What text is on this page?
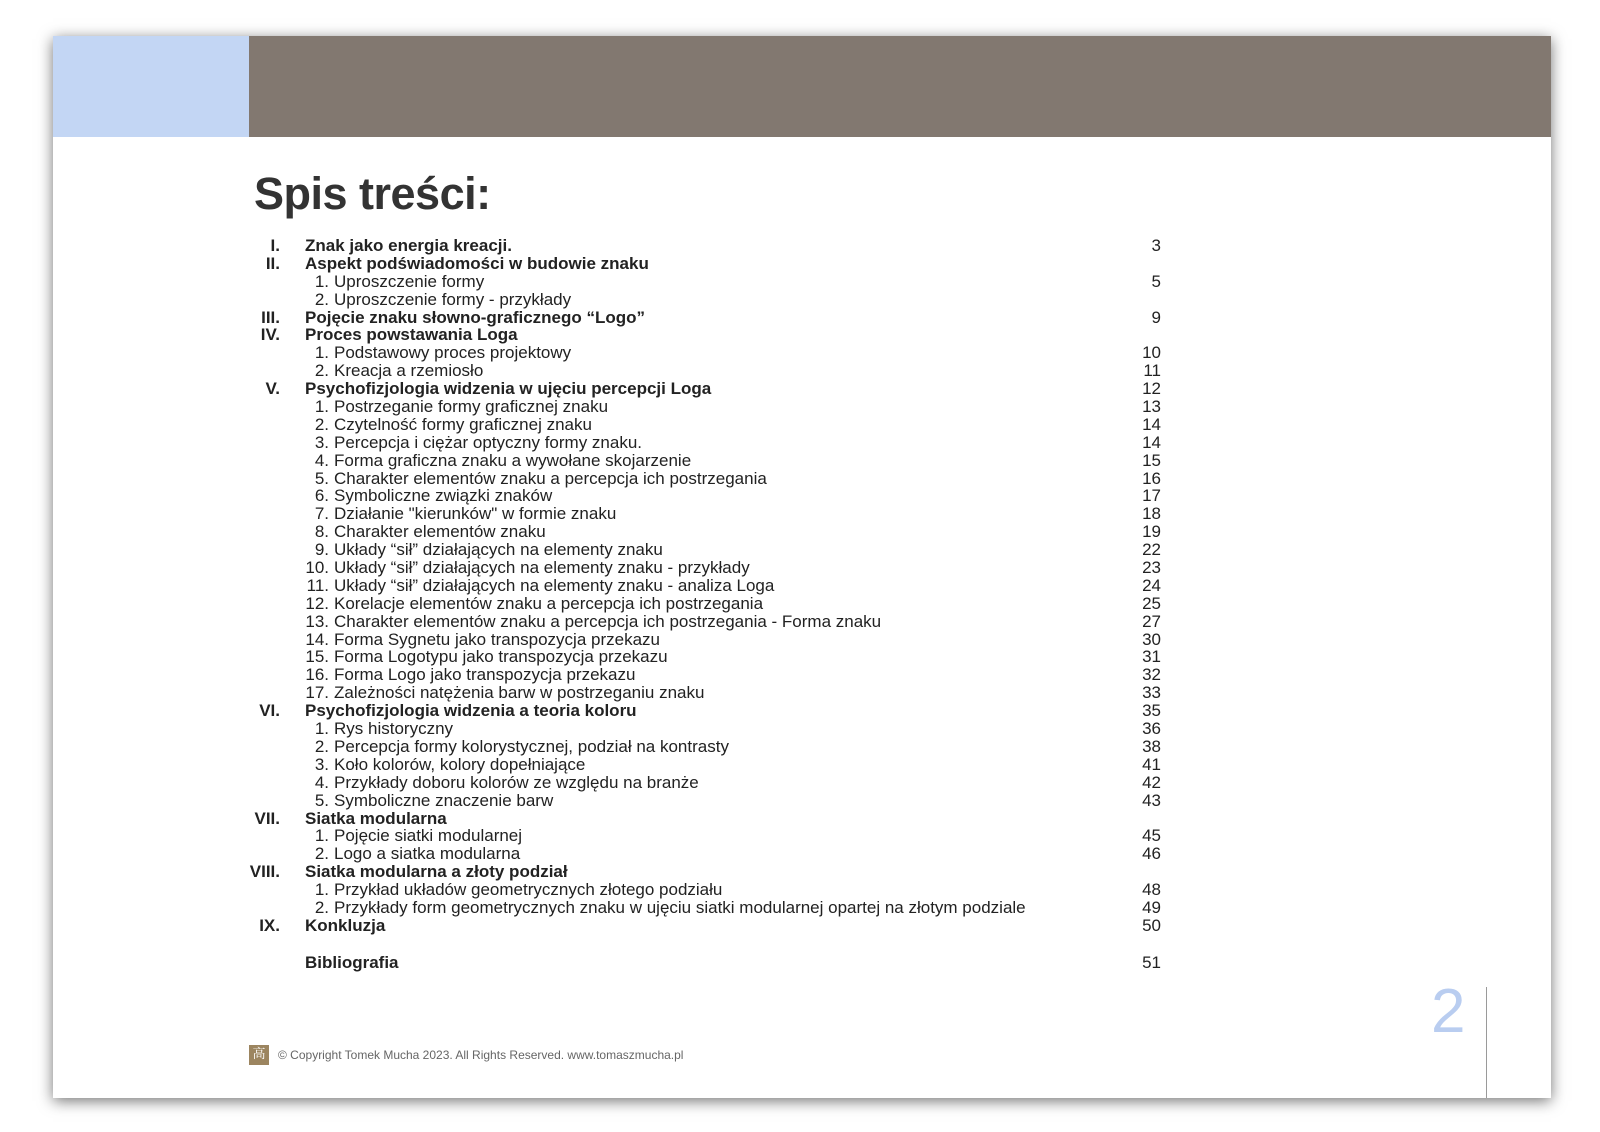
Spis treści:
I. Znak jako energia kreacji.	3
II. Aspekt podświadomości w budowie znaku
1. Uproszczenie formy	5
2. Uproszczenie formy - przykłady
III. Pojęcie znaku słowno-graficznego “Logo”	9
IV. Proces powstawania Loga
1. Podstawowy proces projektowy	10
2. Kreacja a rzemiosło	11
V. Psychofizjologia widzenia w ujęciu percepcji Loga	12
1. Postrzeganie formy graficznej znaku	13
2. Czytelność formy graficznej znaku	14
3. Percepcja i ciężar optyczny formy znaku.	14
4. Forma graficzna znaku a wywołane skojarzenie	15
5. Charakter elementów znaku a percepcja ich postrzegania	16
6. Symboliczne związki znaków	17
7. Działanie "kierunków" w formie znaku	18
8. Charakter elementów znaku	19
9. Układy “sił” działających na elementy znaku	22
10. Układy “sił” działających na elementy znaku - przykłady	23
11. Układy “sił” działających na elementy znaku - analiza Loga	24
12. Korelacje elementów znaku a percepcja ich postrzegania	25
13. Charakter elementów znaku a percepcja ich postrzegania - Forma znaku	27
14. Forma Sygnetu jako transpozycja przekazu	30
15. Forma Logotypu jako transpozycja przekazu	31
16. Forma Logo jako transpozycja przekazu	32
17. Zależności natężenia barw w postrzeganiu znaku	33
VI. Psychofizjologia widzenia a teoria koloru	35
1. Rys historyczny	36
2. Percepcja formy kolorystycznej, podział na kontrasty	38
3. Koło kolorów, kolory dopełniające	41
4. Przykłady doboru kolorów ze względu na branże	42
5. Symboliczne znaczenie barw	43
VII. Siatka modularna
1. Pojęcie siatki modularnej	45
2. Logo a siatka modularna	46
VIII. Siatka modularna a złoty podział
1. Przykład układów geometrycznych złotego podziału	48
2. Przykłady form geometrycznych znaku w ujęciu siatki modularnej opartej na złotym podziale	49
IX. Konkluzja	50
Bibliografia	51
⾼ © Copyright Tomek Mucha 2023. All Rights Reserved. www.tomaszmucha.pl
2
